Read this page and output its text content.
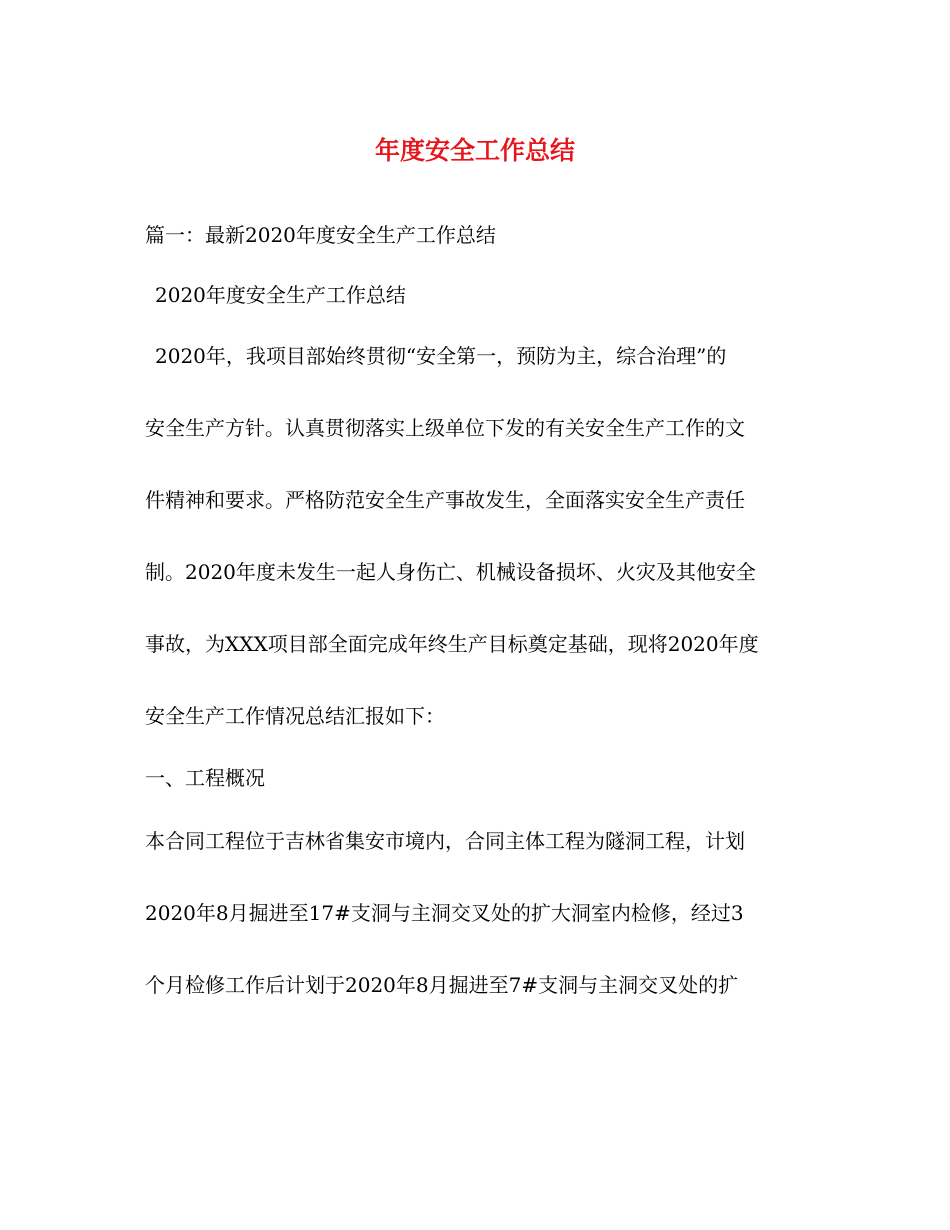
年度安全工作总结
篇一：最新2020年度安全生产工作总结
2020年度安全生产工作总结
2020年，我项目部始终贯彻“安全第一，预防为主，综合治理”的
安全生产方针。认真贯彻落实上级单位下发的有关安全生产工作的文
件精神和要求。严格防范安全生产事故发生，全面落实安全生产责任
制。2020年度未发生一起人身伤亡、机械设备损坏、火灾及其他安全
事故，为XXX项目部全面完成年终生产目标奠定基础，现将2020年度
安全生产工作情况总结汇报如下：
一、工程概况
本合同工程位于吉林省集安市境内，合同主体工程为隧洞工程，计划
2020年8月掘进至17#支洞与主洞交叉处的扩大洞室内检修，经过3
个月检修工作后计划于2020年8月掘进至7#支洞与主洞交叉处的扩
